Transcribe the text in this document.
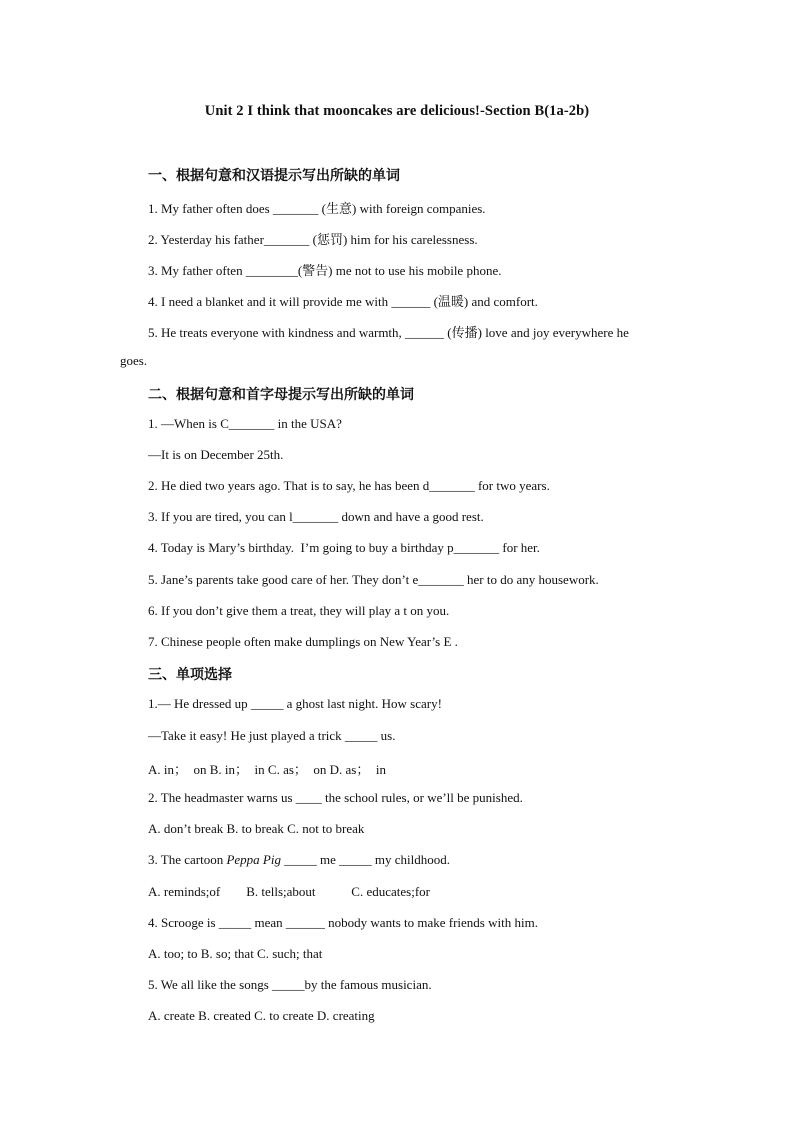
Unit 2 I think that mooncakes are delicious!-Section B(1a-2b)
一、根据句意和汉语提示写出所缺的单词
1. My father often does _______ (生意) with foreign companies.
2. Yesterday his father_______ (惩罚) him for his carelessness.
3. My father often ________(警告) me not to use his mobile phone.
4. I need a blanket and it will provide me with ______ (温暖) and comfort.
5. He treats everyone with kindness and warmth, ______ (传播) love and joy everywhere he
goes.
二、根据句意和首字母提示写出所缺的单词
1. —When is C_______ in the USA?
—It is on December 25th.
2. He died two years ago. That is to say, he has been d_______ for two years.
3. If you are tired, you can l_______ down and have a good rest.
4. Today is Mary’s birthday.  I’m going to buy a birthday p_______ for her.
5. Jane’s parents take good care of her. They don’t e_______ her to do any housework.
6. If you don’t give them a treat, they will play a t on you.
7. Chinese people often make dumplings on New Year’s E .
三、单项选择
1.— He dressed up _____ a ghost last night. How scary!
—Take it easy! He just played a trick _____ us.
A. in；  on B. in；  in C. as；  on D. as；  in
2. The headmaster warns us ____ the school rules, or we’ll be punished.
A. don’t break B. to break C. not to break
3. The cartoon Peppa Pig _____ me _____ my childhood.
A. reminds;of        B. tells;about           C. educates;for
4. Scrooge is _____ mean ______ nobody wants to make friends with him.
A. too; to B. so; that C. such; that
5. We all like the songs _____by the famous musician.
A. create B. created C. to create D. creating
